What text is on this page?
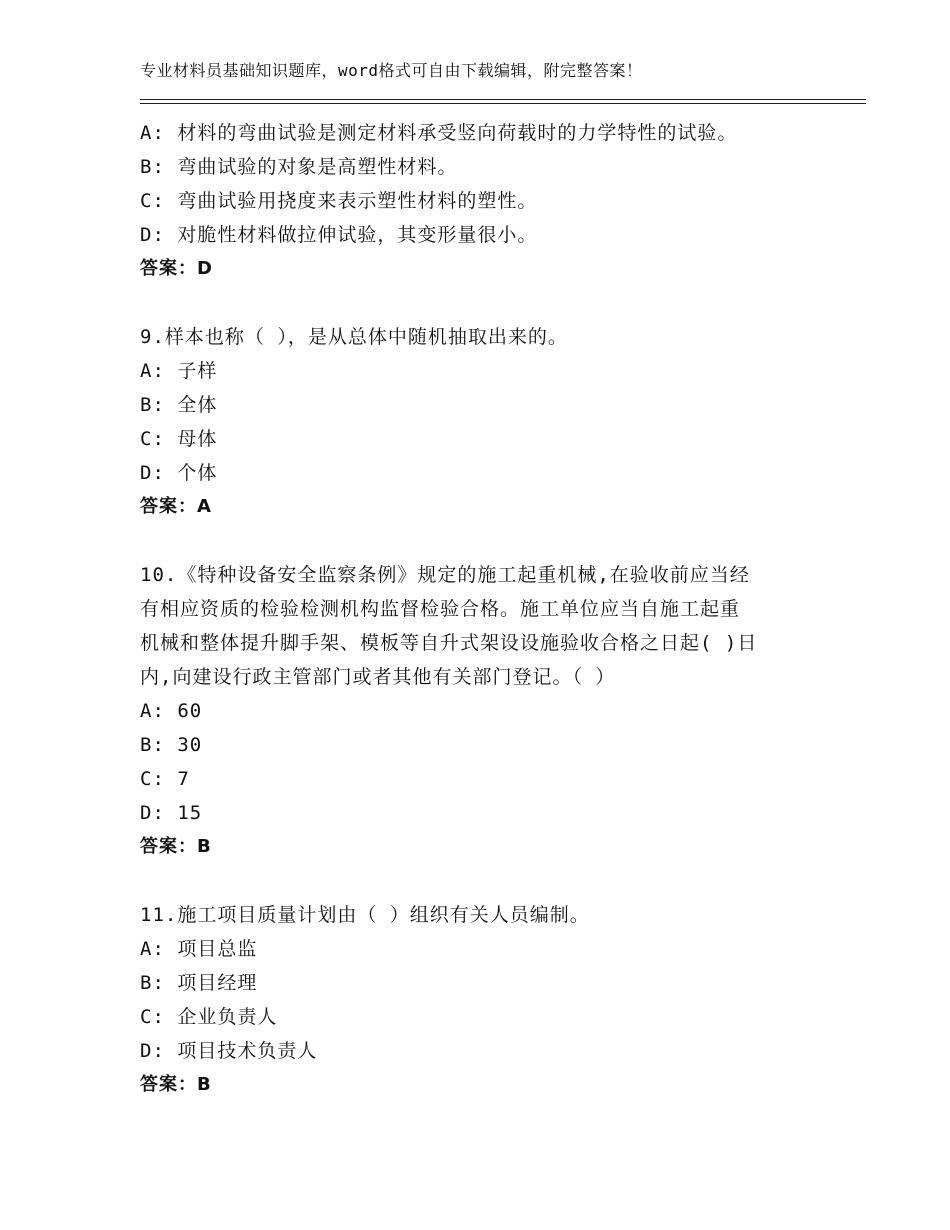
专业材料员基础知识题库，word格式可自由下载编辑，附完整答案！
A: 材料的弯曲试验是测定材料承受竖向荷载时的力学特性的试验。
B: 弯曲试验的对象是高塑性材料。
C: 弯曲试验用挠度来表示塑性材料的塑性。
D: 对脆性材料做拉伸试验，其变形量很小。
答案：D
9.样本也称（ ），是从总体中随机抽取出来的。
A: 子样
B: 全体
C: 母体
D: 个体
答案：A
10.《特种设备安全监察条例》规定的施工起重机械,在验收前应当经
有相应资质的检验检测机构监督检验合格。施工单位应当自施工起重
机械和整体提升脚手架、模板等自升式架设设施验收合格之日起( )日
内,向建设行政主管部门或者其他有关部门登记。（ ）
A: 60
B: 30
C: 7
D: 15
答案：B
11.施工项目质量计划由（ ）组织有关人员编制。
A: 项目总监
B: 项目经理
C: 企业负责人
D: 项目技术负责人
答案：B
